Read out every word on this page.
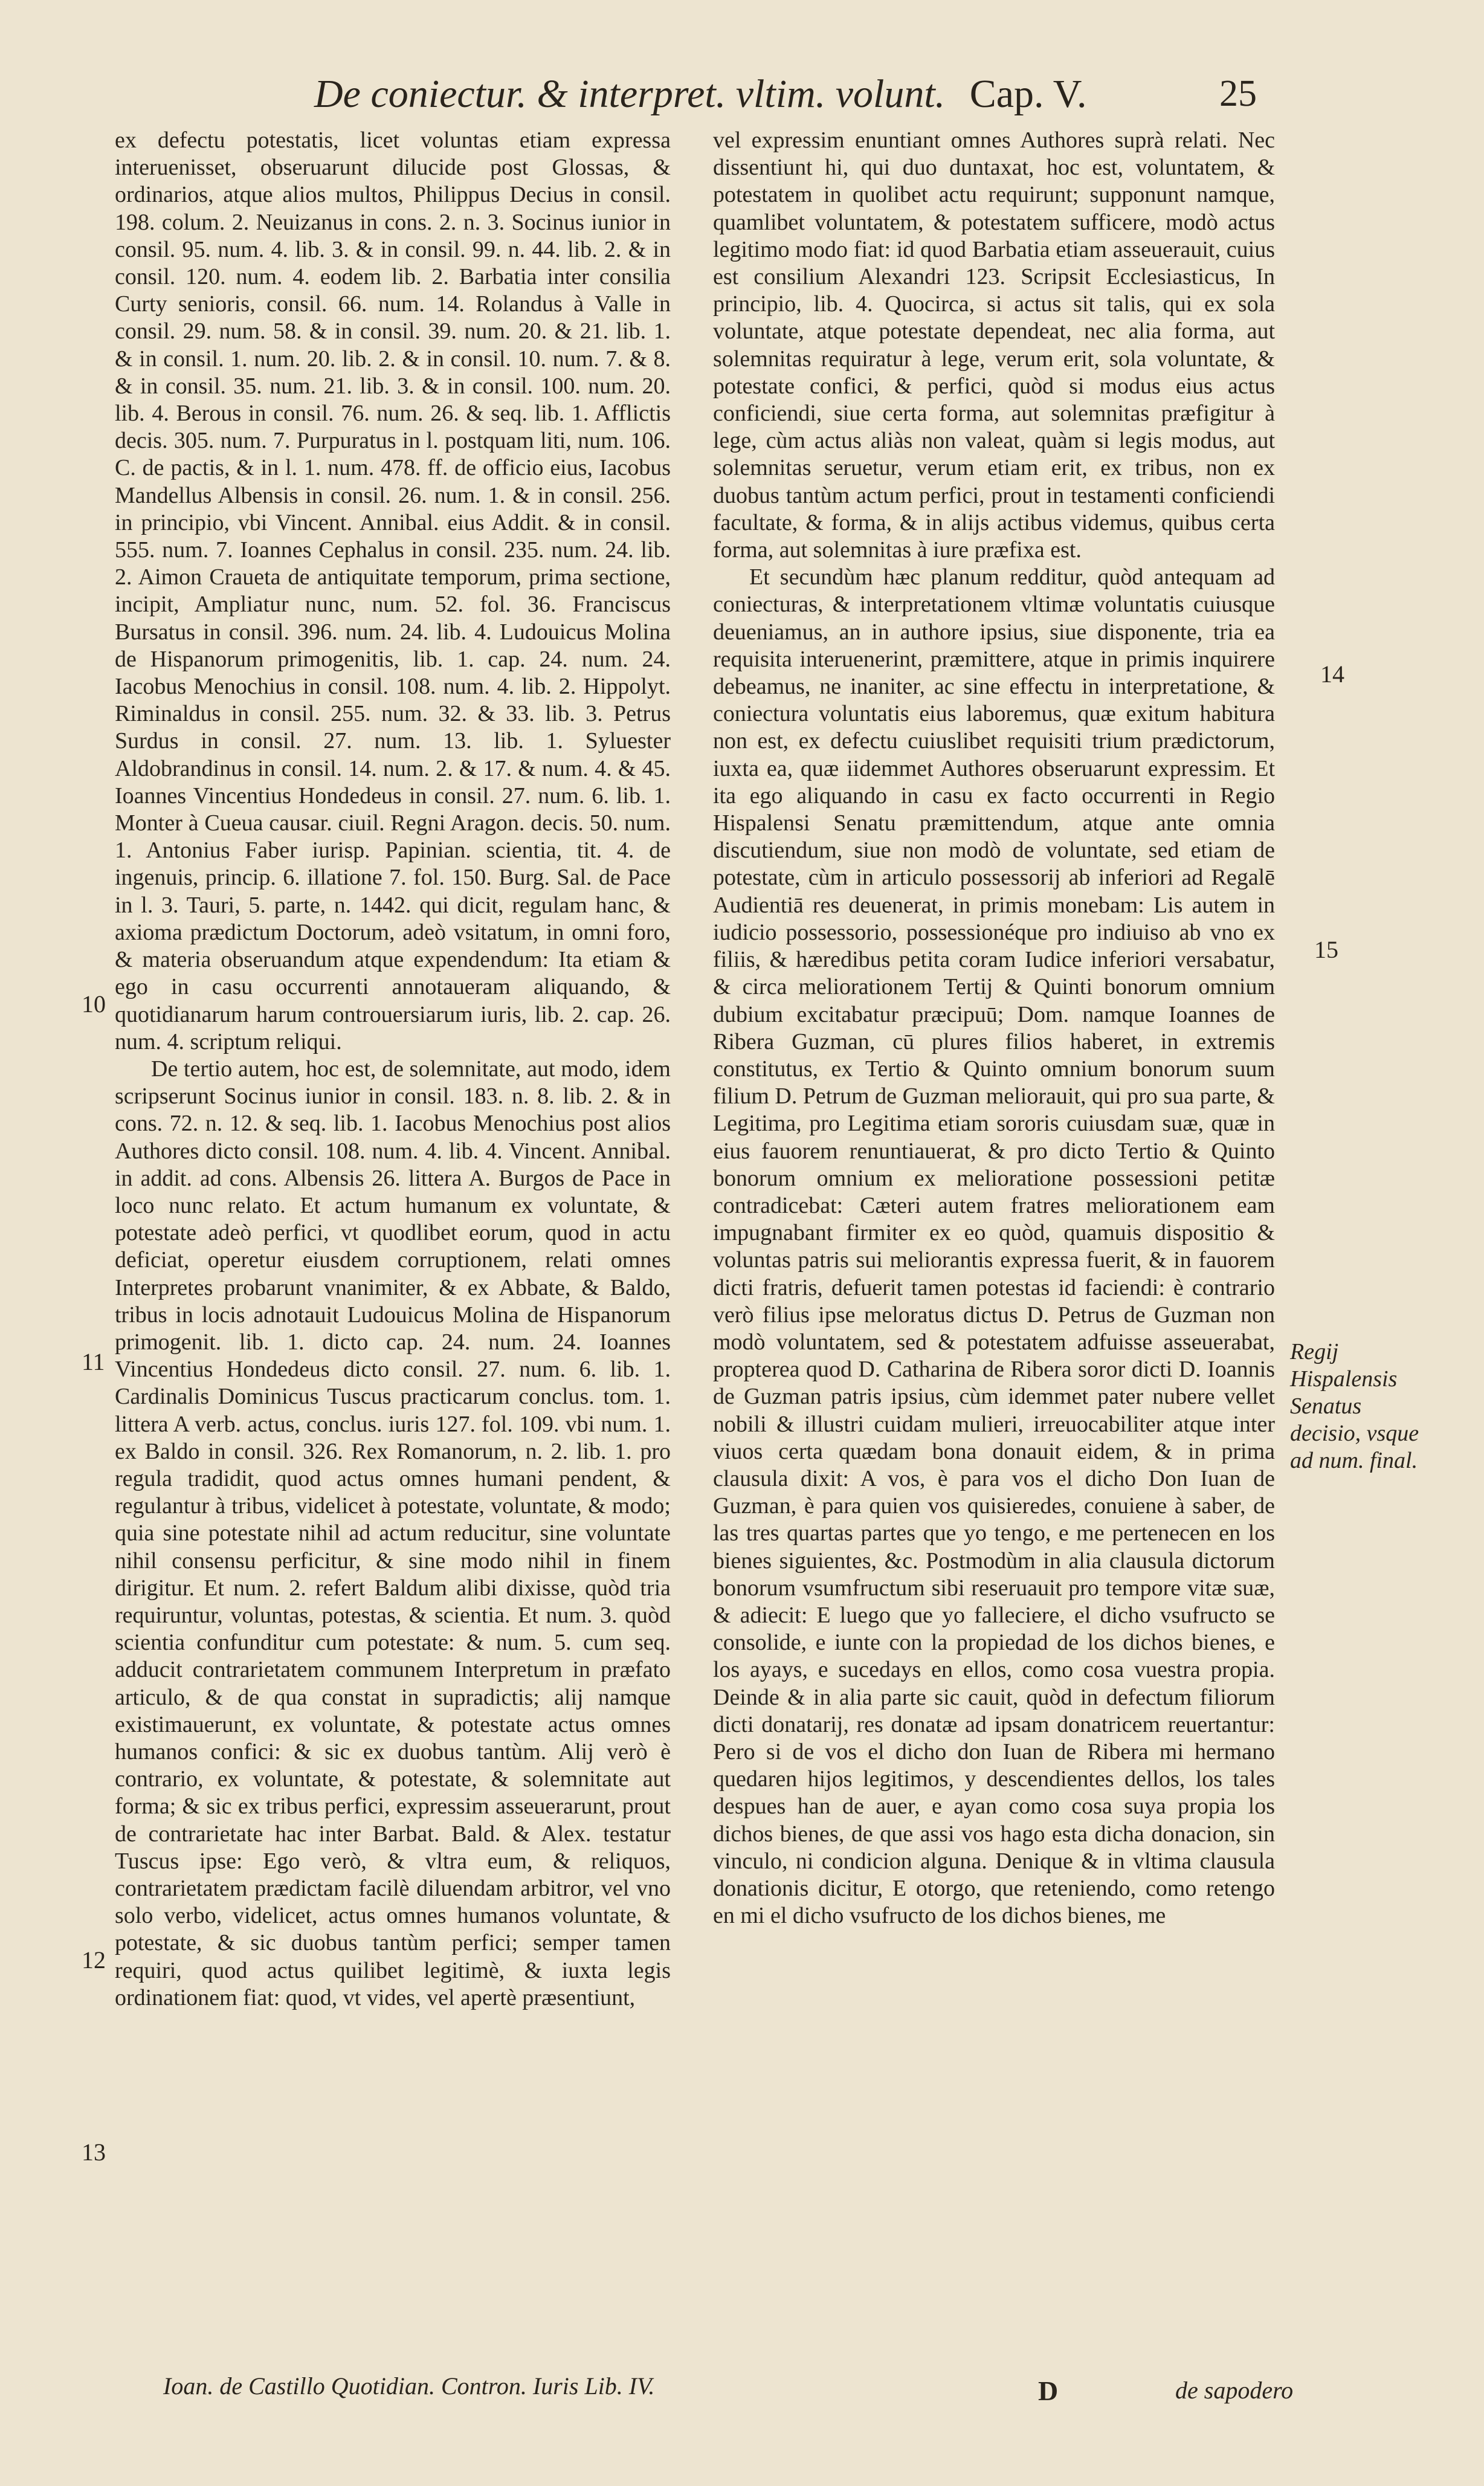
De coniectur. & interpret. vltim. volunt. Cap. V.	25

ex defectu potestatis, licet voluntas etiam expressa interuenisset, obseruarunt dilucide post Glossas, & ordinarios, atque alios multos, Philippus Decius in consil. 198. colum. 2. Neuizanus in cons. 2. n. 3. Socinus iunior in consil. 95. num. 4. lib. 3. & in consil. 99. n. 44. lib. 2. & in consil. 120. num. 4. eodem lib. 2. Barbatia inter consilia Curty senioris, consil. 66. num. 14. Rolandus à Valle in consil. 29. num. 58. & in consil. 39. num. 20. & 21. lib. 1. & in consil. 1. num. 20. lib. 2. & in consil. 10. num. 7. & 8. & in consil. 35. num. 21. lib. 3. & in consil. 100. num. 20. lib. 4. Berous in consil. 76. num. 26. & seq. lib. 1. Afflictis decis. 305. num. 7. Purpuratus in l. postquam liti, num. 106. C. de pactis, & in l. 1. num. 478. ff. de officio eius, Iacobus Mandellus Albensis in consil. 26. num. 1. & in consil. 256. in principio, vbi Vincent. Annibal. eius Addit. & in consil. 555. num. 7. Ioannes Cephalus in consil. 235. num. 24. lib. 2. Aimon Craueta de antiquitate temporum, prima sectione, incipit, Ampliatur nunc, num. 52. fol. 36. Franciscus Bursatus in consil. 396. num. 24. lib. 4. Ludouicus Molina de Hispanorum primogenitis, lib. 1. cap. 24. num. 24. Iacobus Menochius in consil. 108. num. 4. lib. 2. Hippolyt. Riminaldus in consil. 255. num. 32. & 33. lib. 3. Petrus Surdus in consil. 27. num. 13. lib. 1. Syluester Aldobrandinus in consil. 14. num. 2. & 17. & num. 4. & 45. Ioannes Vincentius Hondedeus in consil. 27. num. 6. lib. 1. Monter à Cueua causar. ciuil. Regni Aragon. decis. 50. num. 1. Antonius Faber iurisp. Papinian. scientia, tit. 4. de ingenuis, princip. 6. illatione 7. fol. 150. Burg. Sal. de Pace in l. 3. Tauri, 5. parte, n. 1442. qui dicit, regulam hanc, & axioma prædictum Doctorum, adeò vsitatum, in omni foro, & materia obseruandum atque expendendum: Ita etiam & ego in casu occurrenti annotaueram aliquando, & quotidianarum harum controuersiarum iuris, lib. 2. cap. 26. num. 4. scriptum reliqui.

De tertio autem, hoc est, de solemnitate, aut modo, idem scripserunt Socinus iunior in consil. 183. n. 8. lib. 2. & in cons. 72. n. 12. & seq. lib. 1. Iacobus Menochius post alios Authores dicto consil. 108. num. 4. lib. 4. Vincent. Annibal. in addit. ad cons. Albensis 26. littera A. Burgos de Pace in loco nunc relato. Et actum humanum ex voluntate, & potestate adeò perfici, vt quodlibet eorum, quod in actu deficiat, operetur eiusdem corruptionem, relati omnes Interpretes probarunt vnanimiter, & ex Abbate, & Baldo, tribus in locis adnotauit Ludouicus Molina de Hispanorum primogenit. lib. 1. dicto cap. 24. num. 24. Ioannes Vincentius Hondedeus dicto consil. 27. num. 6. lib. 1. Cardinalis Dominicus Tuscus practicarum conclus. tom. 1. littera A verb. actus, conclus. iuris 127. fol. 109. vbi num. 1. ex Baldo in consil. 326. Rex Romanorum, n. 2. lib. 1. pro regula tradidit, quod actus omnes humani pendent, & regulantur à tribus, videlicet à potestate, voluntate, & modo; quia sine potestate nihil ad actum reducitur, sine voluntate nihil consensu perficitur, & sine modo nihil in finem dirigitur. Et num. 2. refert Baldum alibi dixisse, quòd tria requiruntur, voluntas, potestas, & scientia. Et num. 3. quòd scientia confunditur cum potestate: & num. 5. cum seq. adducit contrarietatem communem Interpretum in præfato articulo, & de qua constat in supradictis; alij namque existimauerunt, ex voluntate, & potestate actus omnes humanos confici: & sic ex duobus tantùm. Alij verò è contrario, ex voluntate, & potestate, & solemnitate aut forma; & sic ex tribus perfici, expressim asseuerarunt, prout de contrarietate hac inter Barbat. Bald. & Alex. testatur Tuscus ipse: Ego verò, & vltra eum, & reliquos, contrarietatem prædictam facilè diluendam arbitror, vel vno solo verbo, videlicet, actus omnes humanos voluntate, & potestate, & sic duobus tantùm perfici; semper tamen requiri, quod actus quilibet legitimè, & iuxta legis ordinationem fiat: quod, vt vides, vel apertè præsentiunt,

10
11
12
13
Ioan. de Castillo Quotidian. Contron. Iuris Lib. IV.

vel expressim enuntiant omnes Authores suprà relati. Nec dissentiunt hi, qui duo duntaxat, hoc est, voluntatem, & potestatem in quolibet actu requirunt; supponunt namque, quamlibet voluntatem, & potestatem sufficere, modò actus legitimo modo fiat: id quod Barbatia etiam asseuerauit, cuius est consilium Alexandri 123. Scripsit Ecclesiasticus, In principio, lib. 4. Quocirca, si actus sit talis, qui ex sola voluntate, atque potestate dependeat, nec alia forma, aut solemnitas requiratur à lege, verum erit, sola voluntate, & potestate confici, & perfici, quòd si modus eius actus conficiendi, siue certa forma, aut solemnitas præfigitur à lege, cùm actus aliàs non valeat, quàm si legis modus, aut solemnitas seruetur, verum etiam erit, ex tribus, non ex duobus tantùm actum perfici, prout in testamenti conficiendi facultate, & forma, & in alijs actibus videmus, quibus certa forma, aut solemnitas à iure præfixa est.

Et secundùm hæc planum redditur, quòd antequam ad coniecturas, & interpretationem vltimæ voluntatis cuiusque deueniamus, an in authore ipsius, siue disponente, tria ea requisita interuenerint, præmittere, atque in primis inquirere debeamus, ne inaniter, ac sine effectu in interpretatione, & coniectura voluntatis eius laboremus, quæ exitum habitura non est, ex defectu cuiuslibet requisiti trium prædictorum, iuxta ea, quæ iidemmet Authores obseruarunt expressim. Et ita ego aliquando in casu ex facto occurrenti in Regio Hispalensi Senatu præmittendum, atque ante omnia discutiendum, siue non modò de voluntate, sed etiam de potestate, cùm in articulo possessorij ab inferiori ad Regalē Audientiā res deuenerat, in primis monebam: Lis autem in iudicio possessorio, possessionéque pro indiuiso ab vno ex filiis, & hæredibus petita coram Iudice inferiori versabatur, & circa meliorationem Tertij & Quinti bonorum omnium dubium excitabatur præcipuū; Dom. namque Ioannes de Ribera Guzman, cū plures filios haberet, in extremis constitutus, ex Tertio & Quinto omnium bonorum suum filium D. Petrum de Guzman meliorauit, qui pro sua parte, & Legitima, pro Legitima etiam sororis cuiusdam suæ, quæ in eius fauorem renuntiauerat, & pro dicto Tertio & Quinto bonorum omnium ex melioratione possessioni petitæ contradicebat: Cæteri autem fratres meliorationem eam impugnabant firmiter ex eo quòd, quamuis dispositio & voluntas patris sui meliorantis expressa fuerit, & in fauorem dicti fratris, defuerit tamen potestas id faciendi: è contrario verò filius ipse meloratus dictus D. Petrus de Guzman non modò voluntatem, sed & potestatem adfuisse asseuerabat, propterea quod D. Catharina de Ribera soror dicti D. Ioannis de Guzman patris ipsius, cùm idemmet pater nubere vellet nobili & illustri cuidam mulieri, irreuocabiliter atque inter viuos certa quædam bona donauit eidem, & in prima clausula dixit: A vos, è para vos el dicho Don Iuan de Guzman, è para quien vos quisieredes, conuiene à saber, de las tres quartas partes que yo tengo, e me pertenecen en los bienes siguientes, &c. Postmodùm in alia clausula dictorum bonorum vsumfructum sibi reseruauit pro tempore vitæ suæ, & adiecit: E luego que yo falleciere, el dicho vsufructo se consolide, e iunte con la propiedad de los dichos bienes, e los ayays, e sucedays en ellos, como cosa vuestra propia. Deinde & in alia parte sic cauit, quòd in defectum filiorum dicti donatarij, res donatæ ad ipsam donatricem reuertantur: Pero si de vos el dicho don Iuan de Ribera mi hermano quedaren hijos legitimos, y descendientes dellos, los tales despues han de auer, e ayan como cosa suya propia los dichos bienes, de que assi vos hago esta dicha donacion, sin vinculo, ni condicion alguna. Denique & in vltima clausula donationis dicitur, E otorgo, que reteniendo, como retengo en mi el dicho vsufructo de los dichos bienes, me

14
15
Regij Hispalensis Senatus decisio, vsque ad num. final.
D	de sapodero
